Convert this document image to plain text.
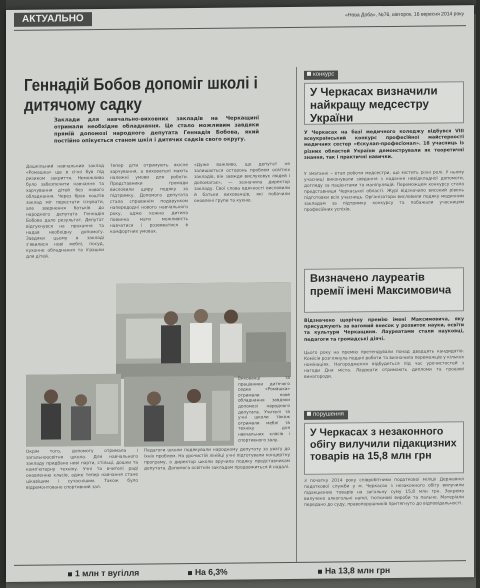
АКТУАЛЬНО	«Нова Доба», №76, вівторок, 16 вересня 2014 року
Геннадій Бобов допоміг школі і дитячому садку
Заклади для навчально-виховних закладів на Черкащині отримали необхідне обладнання. Це стало можливим завдяки прямій допомозі народного депутата Геннадія Бобова, який постійно опікується станом шкіл і дитячих садків свого округу.
Дошкільний навчальний заклад «Ромашка» ще в січні був під ризиком закриття. Неможливо було забезпечити навчання та харчування дітей без нового обладнання. Через брак коштів заклад міг перестати існувати, але звернення батьків до народного депутата Геннадія Бобова дало результат. Депутат відгукнувся на прохання та надав необхідну допомогу. Завдяки цьому в закладі з'явилися нові меблі, посуд, кухонне обладнання та іграшки для дітей.
Тепер діти отримують якісне харчування, а вихователі мають належні умови для роботи. Представники громади висловили щиру подяку за підтримку. Допомога депутата стала справжнім подарунком напередодні нового навчального року, адже кожна дитина повинна мати можливість навчатися і розвиватися в комфортних умовах.
«Дуже важливо, що депутат не залишається осторонь проблем освітніх закладів, він завжди вислуховує людей і допомагає», — зазначила директор закладу. Свої слова вдячності висловили й батьки вихованців, які побачили оновлені групи та кухню.
Вихованці та працівники дитячого садка «Ромашка» отримали нове обладнання завдяки допомозі народного депутата. Учителі та учні школи також отримали меблі та техніку для навчальних класів і спортивного залу.
Окрім того, допомогу отримала і загальноосвітня школа. Для навчального закладу придбано нові парти, стільці, дошки та комп'ютерну техніку. Учні та вчителі раді оновленню класів, адже тепер навчання стане цікавішим і сучаснішим. Також було відремонтовано спортивний зал.
Педагоги школи подякували народному депутату за увагу до їхніх проблем. На урочистій лінійці учні підготували концертну програму, а директор школи вручила подяку представникам депутата. Допомога освітнім закладам продовжиться й надалі.
конкурс
У Черкасах визначили найкращу медсестру України
У Черкасах на базі медичного коледжу відбувся VIII всеукраїнський конкурс професійної майстерності медичних сестер «Єскулап-професіонал». 18 учасниць із різних областей України демонстрували як теоретичні знання, так і практичні навички.
У змаганні – етап роботи медсестри, що містить різні ролі. У ньому учасниці виконували завдання з надання невідкладної допомоги, догляду за пацієнтами та маніпуляцій. Переможцем конкурсу стала представниця Черкаської області. Журі відзначило високий рівень підготовки всіх учасниць. Організатори висловили подяку медичним закладам за підтримку конкурсу та побажали учасницям професійних успіхів.
Визначено лауреатів премії імені Максимовича
Відзначено щорічну премію імені Максимовича, яку присуджують за вагомий внесок у розвиток науки, освіти та культури Черкащини. Лауреатами стали науковці, педагоги та громадські діячі.
Цього року на премію претендували понад двадцять кандидатів. Комісія розглянула подані роботи та визначила переможців у кількох номінаціях. Нагородження відбудеться під час урочистостей з нагоди Дня міста. Лауреати отримають дипломи та грошові винагороди.
порушення
У Черкасах з незаконного обігу вилучили підакцизних товарів на 15,8 млн грн
З початку 2014 року співробітники податкової міліції Державної податкової служби у м. Черкасах з незаконного обігу вилучили підакцизних товарів на загальну суму 15,8 млн грн. Зокрема вилучено алкогольні напої, тютюнові вироби та пальне. Матеріали передано до суду, правопорушників притягнуто до відповідальності.
1 млн т вугілля	На 6,3%	На 13,8 млн грн
